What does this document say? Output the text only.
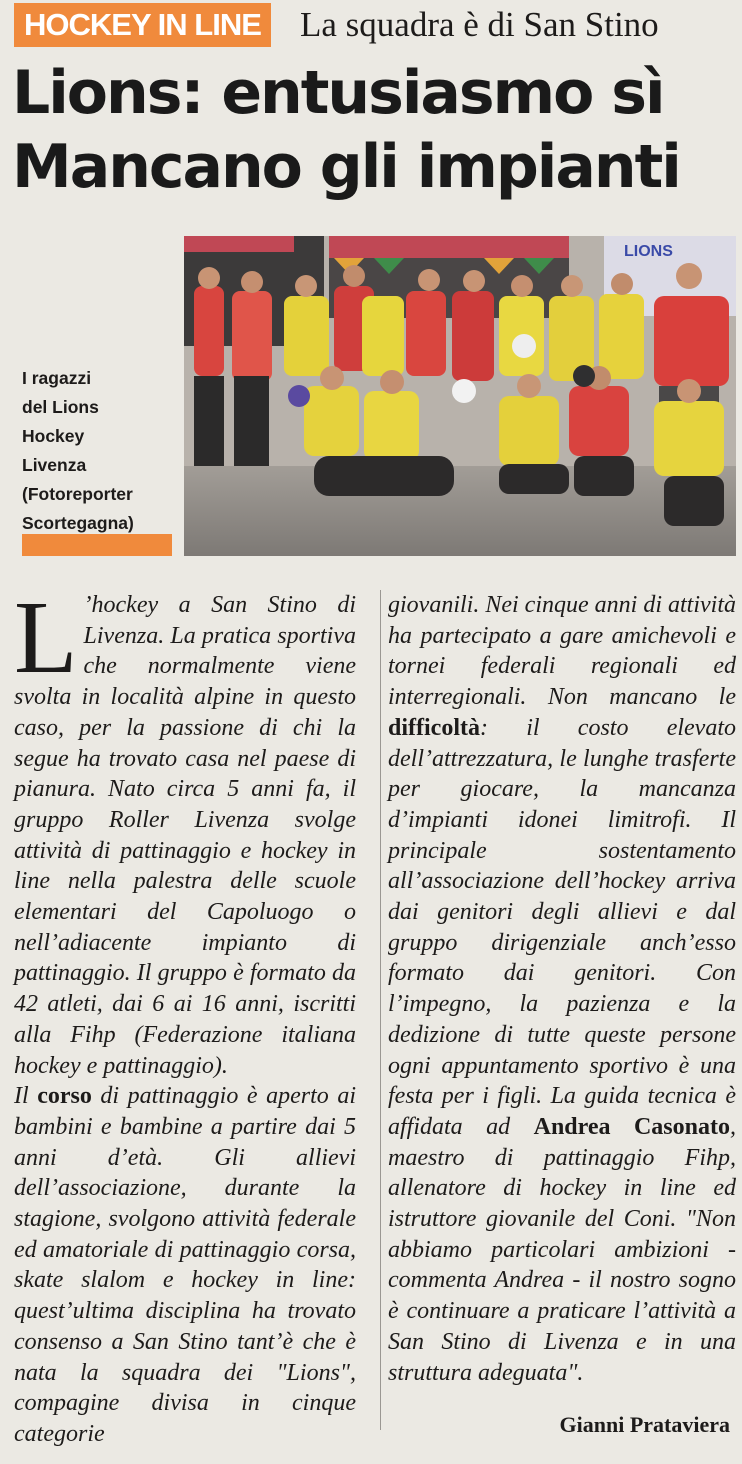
HOCKEY IN LINE La squadra è di San Stino
Lions: entusiasmo sì
Mancano gli impianti
LIONS
I ragazzi
del Lions
Hockey
Livenza
(Fotoreporter
Scortegagna)

L ’hockey a San Stino di Livenza. La pratica sportiva che normalmente viene svolta in località alpine in questo caso, per la passione di chi la segue ha trovato casa nel paese di pianura. Nato circa 5 anni fa, il gruppo Roller Livenza svolge attività di pattinaggio e hockey in line nella palestra delle scuole elementari del Capoluogo o nell’adiacente impianto di pattinaggio. Il gruppo è formato da 42 atleti, dai 6 ai 16 anni, iscritti alla Fihp (Federazione italiana hockey e pattinaggio).

Il corso di pattinaggio è aperto ai bambini e bambine a partire dai 5 anni d’età. Gli allievi dell’associazione, durante la stagione, svolgono attività federale ed amatoriale di pattinaggio corsa, skate slalom e hockey in line: quest’ultima disciplina ha trovato consenso a San Stino tant’è che è nata la squadra dei "Lions", compagine divisa in cinque categorie

giovanili. Nei cinque anni di attività ha partecipato a gare amichevoli e tornei federali regionali ed interregionali. Non mancano le difficoltà: il costo elevato dell’attrezzatura, le lunghe trasferte per giocare, la mancanza d’impianti idonei limitrofi. Il principale sostentamento all’associazione dell’hockey arriva dai genitori degli allievi e dal gruppo dirigenziale anch’esso formato dai genitori. Con l’impegno, la pazienza e la dedizione di tutte queste persone ogni appuntamento sportivo è una festa per i figli. La guida tecnica è affidata ad Andrea Casonato, maestro di pattinaggio Fihp, allenatore di hockey in line ed istruttore giovanile del Coni. "Non abbiamo particolari ambizioni - commenta Andrea - il nostro sogno è continuare a praticare l’attività a San Stino di Livenza e in una struttura adeguata".

Gianni Prataviera
